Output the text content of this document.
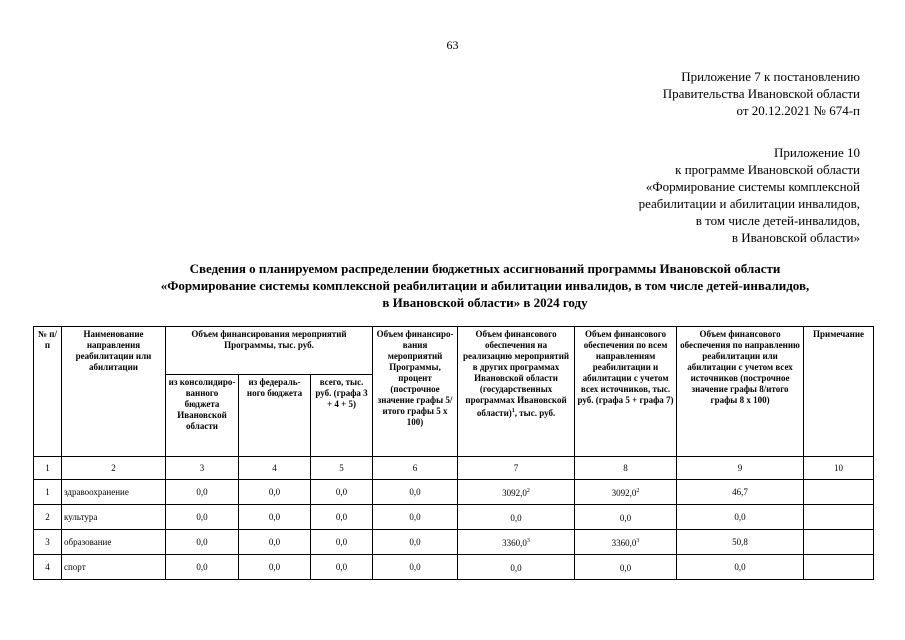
63
Приложение 7 к постановлению
Правительства Ивановской области
от 20.12.2021 № 674-п
Приложение 10
к программе Ивановской области
«Формирование системы комплексной
реабилитации и абилитации инвалидов,
в том числе детей-инвалидов,
в Ивановской области»
Сведения о планируемом распределении бюджетных ассигнований программы Ивановской области
«Формирование системы комплексной реабилитации и абилитации инвалидов, в том числе детей-инвалидов,
в Ивановской области» в 2024 году
№ п/п	Наименование направления реабилитации или абилитации	Объем финансирования мероприятий Программы, тыс. руб.			Объем финансиро-вания мероприятий Программы, процент (построчное значение графы 5/итого графы 5 х 100)	Объем финансового обеспечения на реализацию мероприятий в других программах Ивановской области (государственных программах Ивановской области)$^1$, тыс. руб.	Объем финансового обеспечения по всем направлениям реабилитации и абилитации с учетом всех источников, тыс. руб. (графа 5 + графа 7)	Объем финансового обеспечения по направлению реабилитации или абилитации с учетом всех источников (построчное значение графы 8/итого графы 8 х 100)	Примечание
		из консолидиро-ванного бюджета Ивановской области	из федераль-ного бюджета	всего, тыс. руб. (графа 3 + 4 + 5)					
1	2	3	4	5	6	7	8	9	10
1	здравоохранение	0,0	0,0	0,0	0,0	3092,0$^2$	3092,0$^2$	46,7	
2	культура	0,0	0,0	0,0	0,0	0,0	0,0	0,0	
3	образование	0,0	0,0	0,0	0,0	3360,0$^3$	3360,0$^3$	50,8	
4	спорт	0,0	0,0	0,0	0,0	0,0	0,0	0,0	
